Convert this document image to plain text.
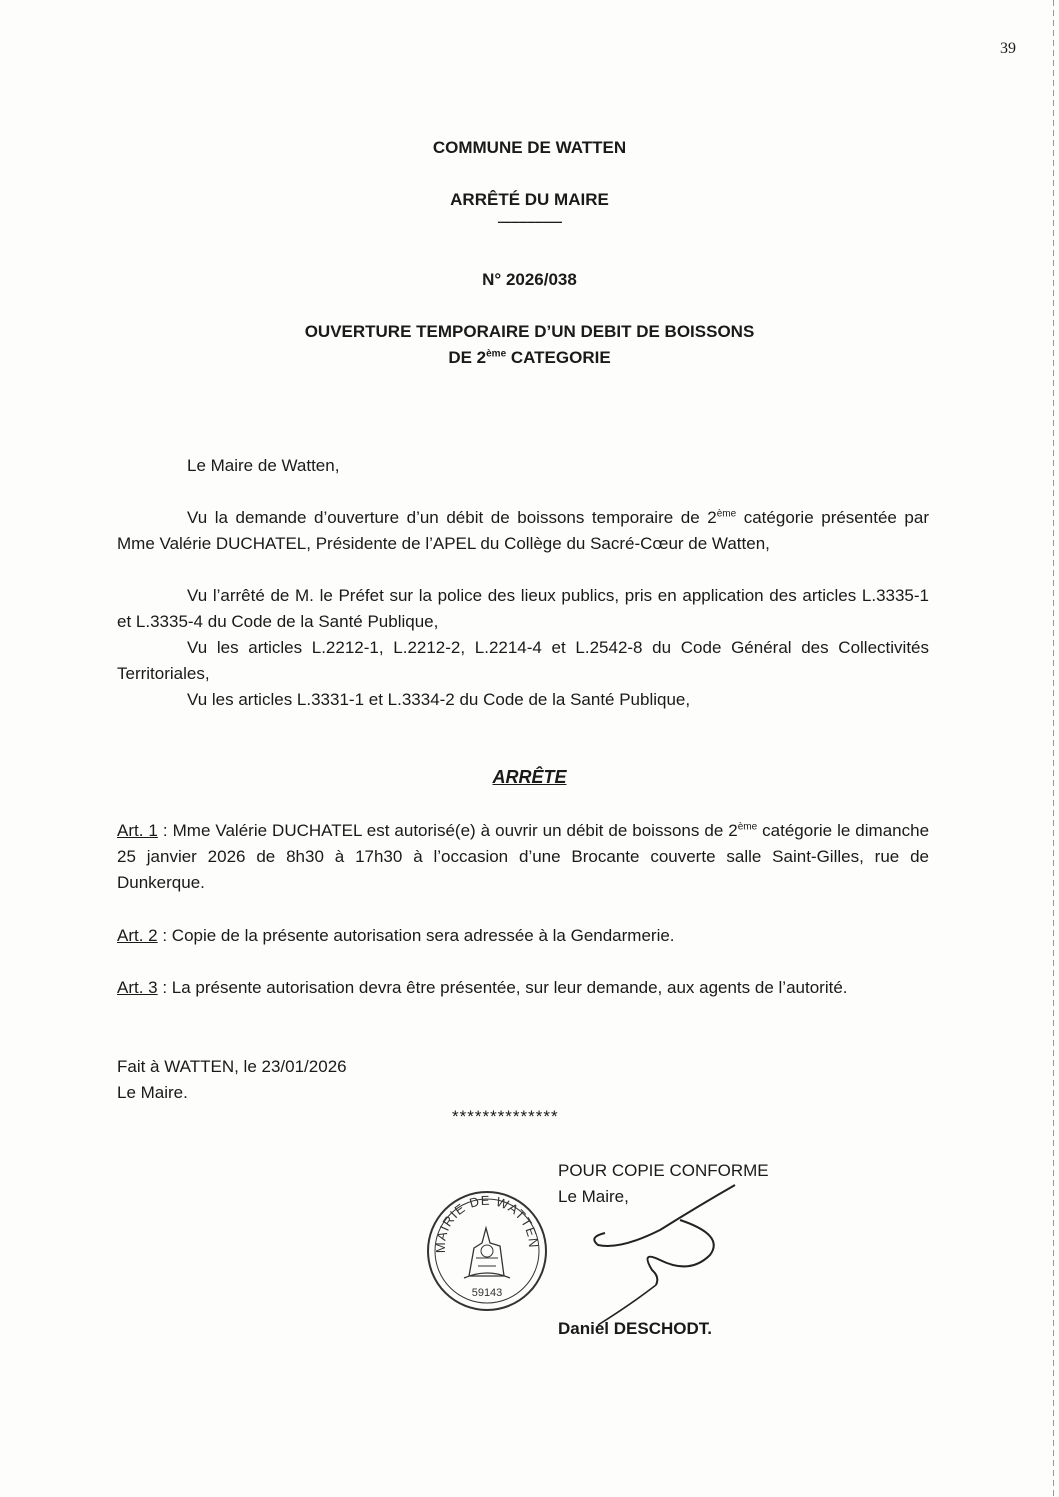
39
COMMUNE DE WATTEN
ARRÊTÉ DU MAIRE
------------------------
N° 2026/038
OUVERTURE TEMPORAIRE D’UN DEBIT DE BOISSONS
DE 2ème CATEGORIE
Le Maire de Watten,
Vu la demande d’ouverture d’un débit de boissons temporaire de 2ème catégorie présentée par Mme Valérie DUCHATEL, Présidente de l’APEL du Collège du Sacré-Cœur de Watten,
Vu l’arrêté de M. le Préfet sur la police des lieux publics, pris en application des articles L.3335-1 et L.3335-4 du Code de la Santé Publique,
Vu les articles L.2212-1, L.2212-2, L.2214-4 et L.2542-8 du Code Général des Collectivités Territoriales,
Vu les articles L.3331-1 et L.3334-2 du Code de la Santé Publique,
ARRÊTE
Art. 1 : Mme Valérie DUCHATEL est autorisé(e) à ouvrir un débit de boissons de 2ème catégorie le dimanche 25 janvier 2026 de 8h30 à 17h30 à l’occasion d’une Brocante couverte salle Saint-Gilles, rue de Dunkerque.
Art. 2 : Copie de la présente autorisation sera adressée à la Gendarmerie.
Art. 3 : La présente autorisation devra être présentée, sur leur demande, aux agents de l’autorité.
Fait à WATTEN, le 23/01/2026
Le Maire.
**************
POUR COPIE CONFORME
Le Maire,
Daniel DESCHODT.
MAIRIE DE WATTEN
59143
